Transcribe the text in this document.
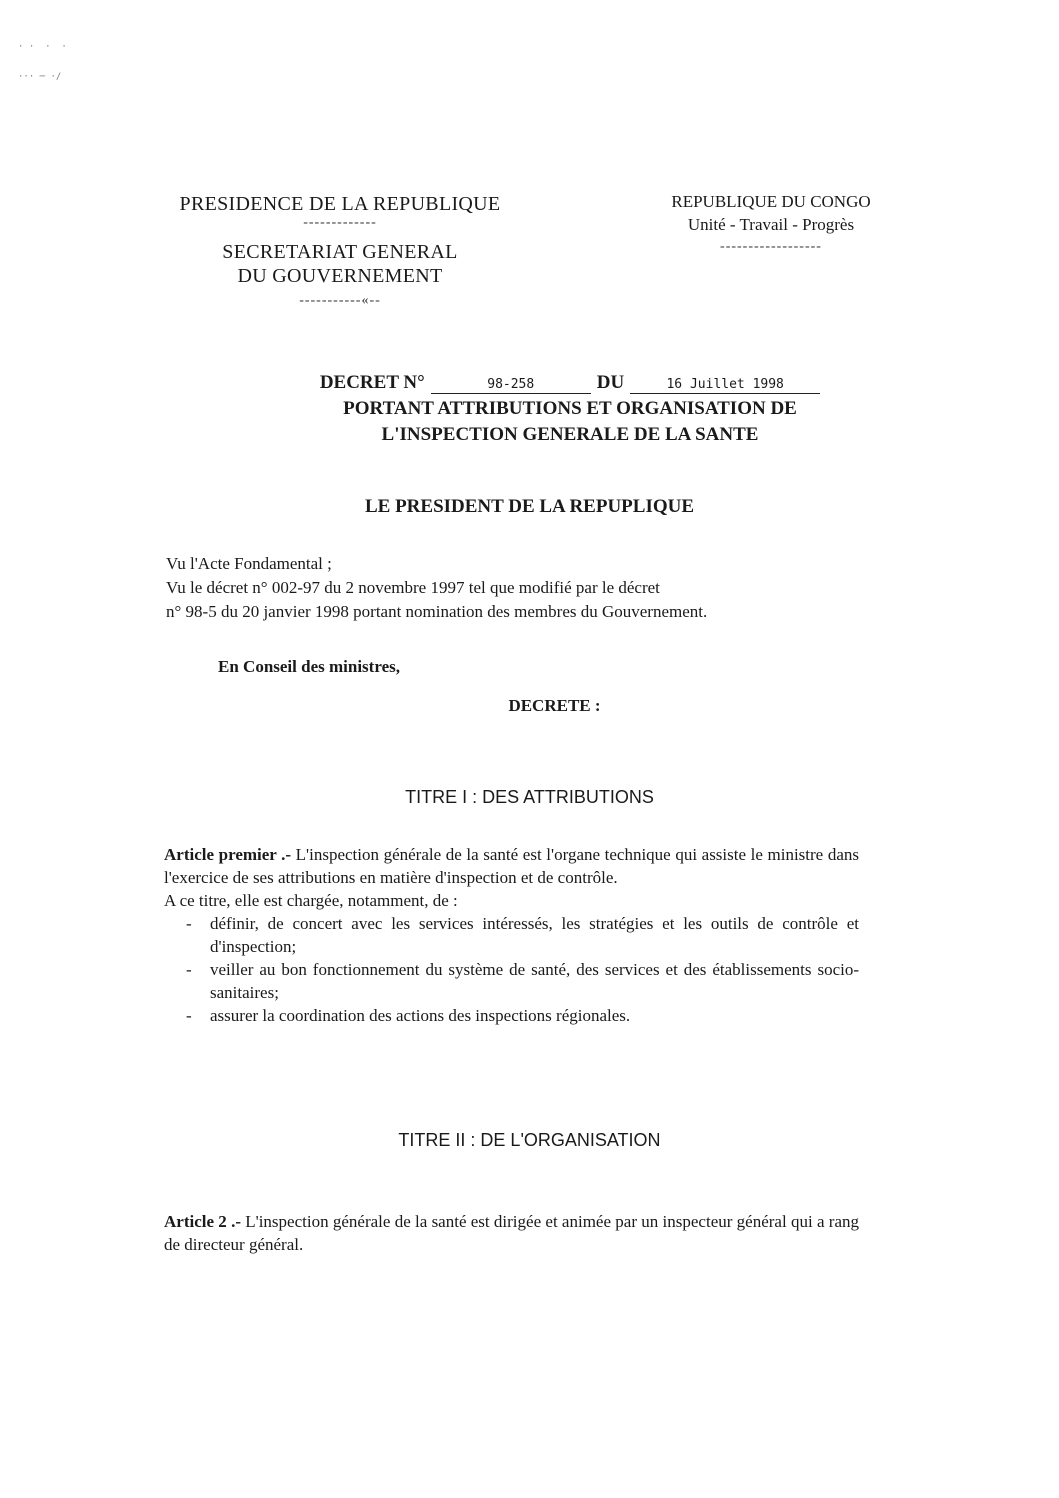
· ·  ·  ·
··· ─ ·/
PRESIDENCE DE LA REPUBLIQUE
-------------
SECRETARIAT GENERAL
DU GOUVERNEMENT
-----------«--
REPUBLIQUE DU CONGO
Unité - Travail - Progrès
------------------
DECRET N°	98-258	DU	16 Juillet 1998
PORTANT ATTRIBUTIONS ET ORGANISATION DE
L'INSPECTION GENERALE DE LA SANTE
LE PRESIDENT DE LA REPUPLIQUE
Vu l'Acte Fondamental ;
Vu le décret n° 002-97 du 2 novembre 1997 tel que modifié par le décret
n° 98-5 du 20 janvier 1998 portant nomination des membres du Gouvernement.
En Conseil des ministres,
DECRETE :
TITRE I : DES ATTRIBUTIONS

Article premier .- L'inspection générale de la santé est l'organe technique qui assiste le ministre dans l'exercice de ses attributions en matière d'inspection et de contrôle.

A ce titre, elle est chargée, notamment, de :

- définir, de concert avec les services intéressés, les stratégies et les outils de contrôle et d'inspection;
- veiller au bon fonctionnement du système de santé, des services et des établissements socio-sanitaires;
- assurer la coordination des actions des inspections régionales.
TITRE II : DE L'ORGANISATION

Article 2 .- L'inspection générale de la santé est dirigée et animée par un inspecteur général qui a rang de directeur général.
